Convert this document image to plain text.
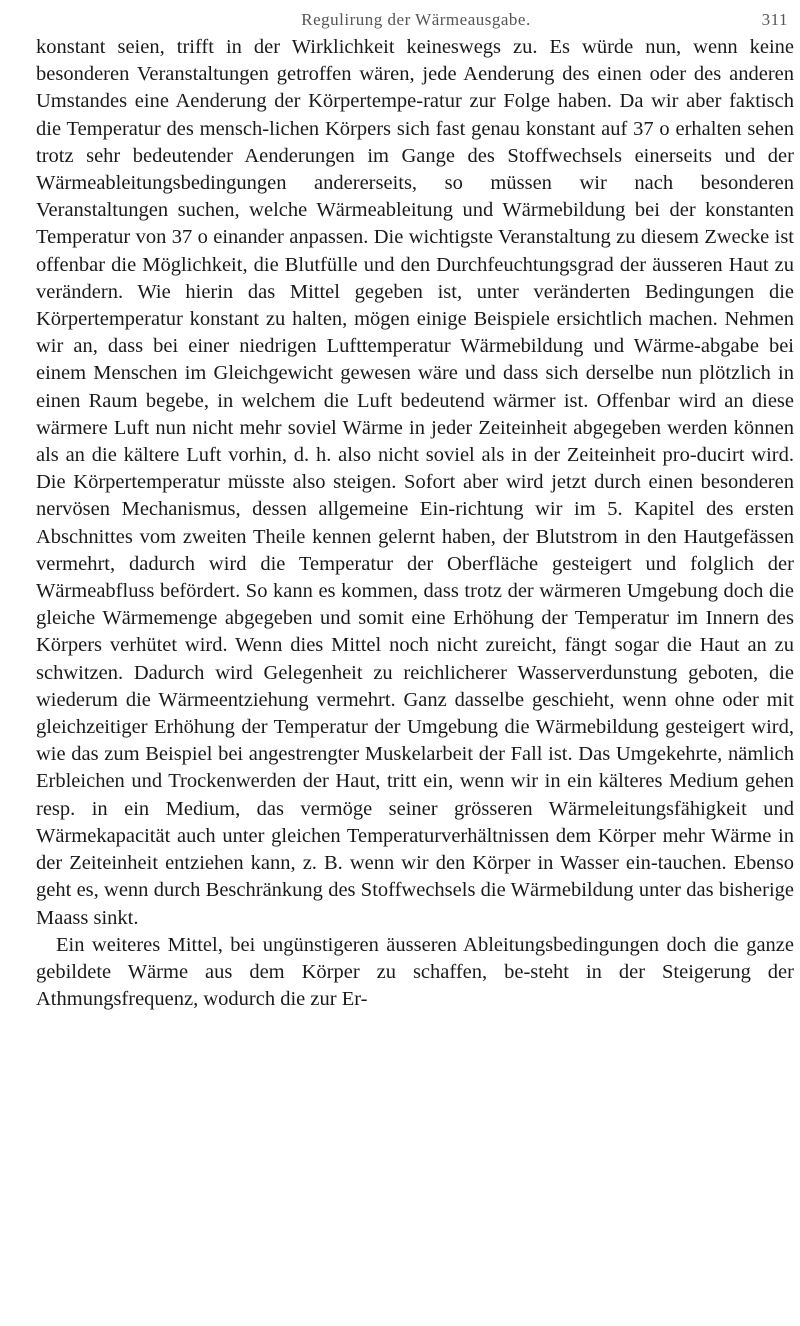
Regulirung der Wärmeausgabe.	311

konstant seien, trifft in der Wirklichkeit keineswegs zu. Es würde nun, wenn keine besonderen Veranstaltungen getroffen wären, jede Aenderung des einen oder des anderen Umstandes eine Aenderung der Körpertempe-ratur zur Folge haben. Da wir aber faktisch die Temperatur des mensch-lichen Körpers sich fast genau konstant auf 37 o erhalten sehen trotz sehr bedeutender Aenderungen im Gange des Stoffwechsels einerseits und der Wärmeableitungsbedingungen andererseits, so müssen wir nach besonderen Veranstaltungen suchen, welche Wärmeableitung und Wärmebildung bei der konstanten Temperatur von 37 o einander anpassen. Die wichtigste Veranstaltung zu diesem Zwecke ist offenbar die Möglichkeit, die Blutfülle und den Durchfeuchtungsgrad der äusseren Haut zu verändern. Wie hierin das Mittel gegeben ist, unter veränderten Bedingungen die Körpertemperatur konstant zu halten, mögen einige Beispiele ersichtlich machen. Nehmen wir an, dass bei einer niedrigen Lufttemperatur Wärmebildung und Wärme-abgabe bei einem Menschen im Gleichgewicht gewesen wäre und dass sich derselbe nun plötzlich in einen Raum begebe, in welchem die Luft bedeutend wärmer ist. Offenbar wird an diese wärmere Luft nun nicht mehr soviel Wärme in jeder Zeiteinheit abgegeben werden können als an die kältere Luft vorhin, d. h. also nicht soviel als in der Zeiteinheit pro-ducirt wird. Die Körpertemperatur müsste also steigen. Sofort aber wird jetzt durch einen besonderen nervösen Mechanismus, dessen allgemeine Ein-richtung wir im 5. Kapitel des ersten Abschnittes vom zweiten Theile kennen gelernt haben, der Blutstrom in den Hautgefässen vermehrt, dadurch wird die Temperatur der Oberfläche gesteigert und folglich der Wärmeabfluss befördert. So kann es kommen, dass trotz der wärmeren Umgebung doch die gleiche Wärmemenge abgegeben und somit eine Erhöhung der Temperatur im Innern des Körpers verhütet wird. Wenn dies Mittel noch nicht zureicht, fängt sogar die Haut an zu schwitzen. Dadurch wird Gelegenheit zu reichlicherer Wasserverdunstung geboten, die wiederum die Wärmeentziehung vermehrt. Ganz dasselbe geschieht, wenn ohne oder mit gleichzeitiger Erhöhung der Temperatur der Umgebung die Wärmebildung gesteigert wird, wie das zum Beispiel bei angestrengter Muskelarbeit der Fall ist. Das Umgekehrte, nämlich Erbleichen und Trockenwerden der Haut, tritt ein, wenn wir in ein kälteres Medium gehen resp. in ein Medium, das vermöge seiner grösseren Wärmeleitungsfähigkeit und Wärmekapacität auch unter gleichen Temperaturverhältnissen dem Körper mehr Wärme in der Zeiteinheit entziehen kann, z. B. wenn wir den Körper in Wasser ein-tauchen. Ebenso geht es, wenn durch Beschränkung des Stoffwechsels die Wärmebildung unter das bisherige Maass sinkt.

Ein weiteres Mittel, bei ungünstigeren äusseren Ableitungsbedingungen doch die ganze gebildete Wärme aus dem Körper zu schaffen, be-steht in der Steigerung der Athmungsfrequenz, wodurch die zur Er-
